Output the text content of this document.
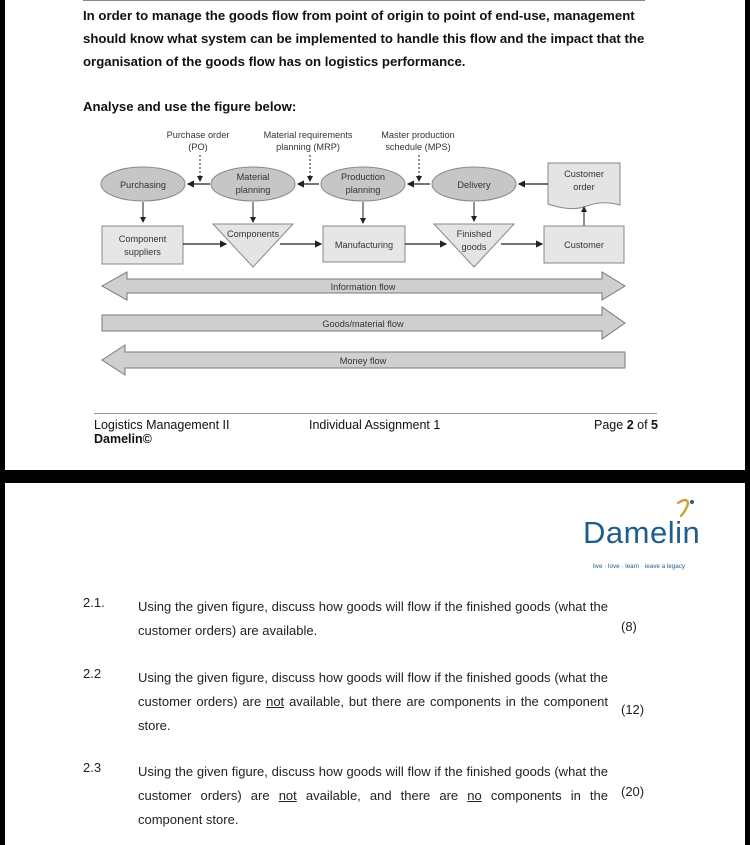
In order to manage the goods flow from point of origin to point of end-use, management should know what system can be implemented to handle this flow and the impact that the organisation of the goods flow has on logistics performance.
Analyse and use the figure below:
Purchase order
(PO)
Material requirements
planning (MRP)
Master production
schedule (MPS)
Purchasing
Material
planning
Production
planning	Delivery
Customer
order
Component
suppliers
Components
Manufacturing
Finished
goods	Customer
Information flow
Goods/material flow
Money flow
Logistics Management II
Damelin©
Individual Assignment 1	Page 2 of 5
Damelin
live · love · learn · leave a legacy
2.1.	Using the given figure, discuss how goods will flow if the finished goods (what the customer orders) are available.	(8)
2.2	Using the given figure, discuss how goods will flow if the finished goods (what the customer orders) are not available, but there are components in the component store.
(12)
2.3	Using the given figure, discuss how goods will flow if the finished goods (what the customer orders) are not available, and there are no components in the component store.
(20)
